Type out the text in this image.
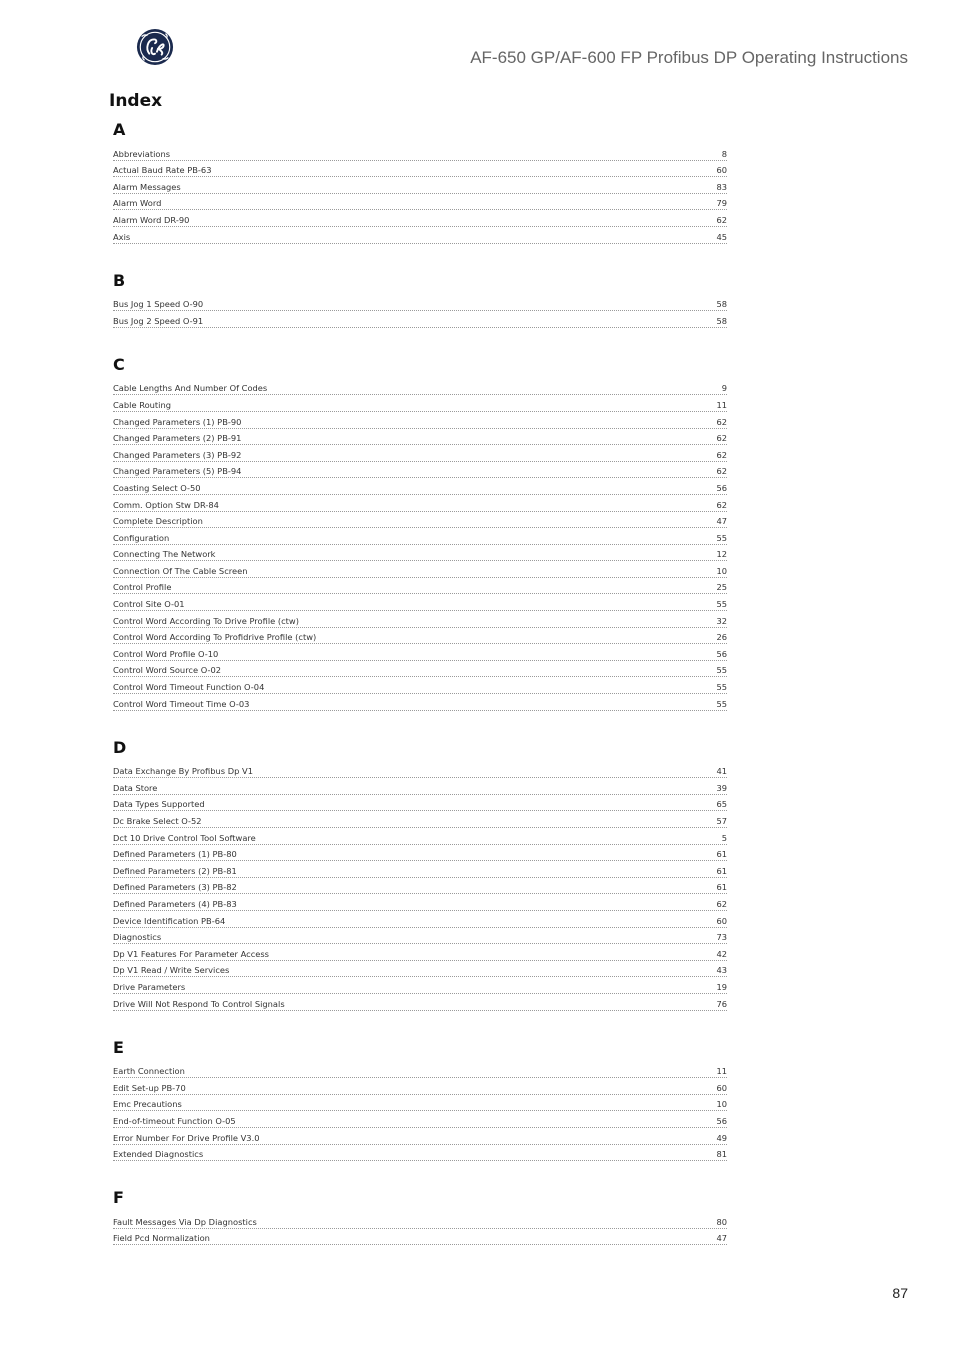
AF-650 GP/AF-600 FP Profibus DP Operating Instructions
Index
A
Abbreviations	8
Actual Baud Rate PB-63	60
Alarm Messages	83
Alarm Word	79
Alarm Word DR-90	62
Axis	45
B
Bus Jog 1 Speed O-90	58
Bus Jog 2 Speed O-91	58
C
Cable Lengths And Number Of Codes	9
Cable Routing	11
Changed Parameters (1) PB-90	62
Changed Parameters (2) PB-91	62
Changed Parameters (3) PB-92	62
Changed Parameters (5) PB-94	62
Coasting Select O-50	56
Comm. Option Stw DR-84	62
Complete Description	47
Configuration	55
Connecting The Network	12
Connection Of The Cable Screen	10
Control Profile	25
Control Site O-01	55
Control Word According To Drive Profile (ctw)	32
Control Word According To Profidrive Profile (ctw)	26
Control Word Profile O-10	56
Control Word Source O-02	55
Control Word Timeout Function O-04	55
Control Word Timeout Time O-03	55
D
Data Exchange By Profibus Dp V1	41
Data Store	39
Data Types Supported	65
Dc Brake Select O-52	57
Dct 10 Drive Control Tool Software	5
Defined Parameters (1) PB-80	61
Defined Parameters (2) PB-81	61
Defined Parameters (3) PB-82	61
Defined Parameters (4) PB-83	62
Device Identification PB-64	60
Diagnostics	73
Dp V1 Features For Parameter Access	42
Dp V1 Read / Write Services	43
Drive Parameters	19
Drive Will Not Respond To Control Signals	76
E
Earth Connection	11
Edit Set-up PB-70	60
Emc Precautions	10
End-of-timeout Function O-05	56
Error Number For Drive Profile V3.0	49
Extended Diagnostics	81
F
Fault Messages Via Dp Diagnostics	80
Field Pcd Normalization	47
87
